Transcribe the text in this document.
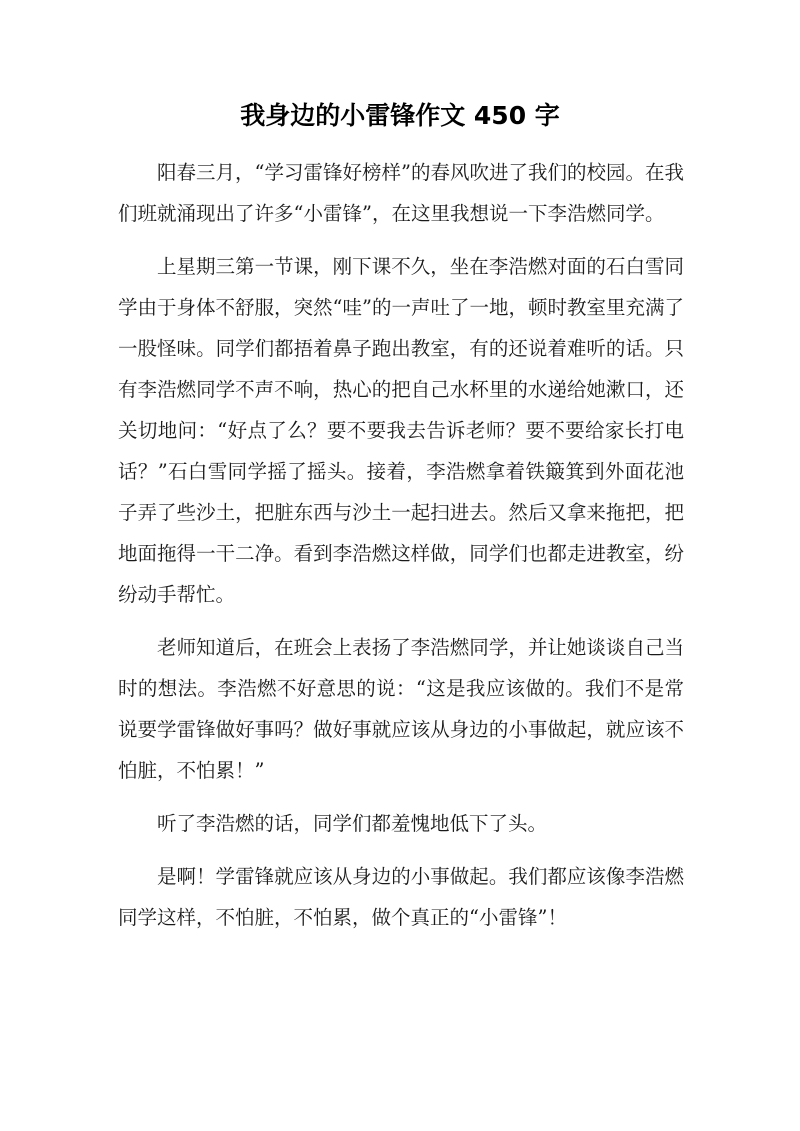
我身边的小雷锋作文 450 字

阳春三月，“学习雷锋好榜样”的春风吹进了我们的校园。在我们班就涌现出了许多“小雷锋”，在这里我想说一下李浩燃同学。

上星期三第一节课，刚下课不久，坐在李浩燃对面的石白雪同学由于身体不舒服，突然“哇”的一声吐了一地，顿时教室里充满了一股怪味。同学们都捂着鼻子跑出教室，有的还说着难听的话。只有李浩燃同学不声不响，热心的把自己水杯里的水递给她漱口，还关切地问：“好点了么？要不要我去告诉老师？要不要给家长打电话？”石白雪同学摇了摇头。接着，李浩燃拿着铁簸箕到外面花池子弄了些沙土，把脏东西与沙土一起扫进去。然后又拿来拖把，把地面拖得一干二净。看到李浩燃这样做，同学们也都走进教室，纷纷动手帮忙。

老师知道后，在班会上表扬了李浩燃同学，并让她谈谈自己当时的想法。李浩燃不好意思的说：“这是我应该做的。我们不是常说要学雷锋做好事吗？做好事就应该从身边的小事做起，就应该不怕脏，不怕累！”

听了李浩燃的话，同学们都羞愧地低下了头。

是啊！学雷锋就应该从身边的小事做起。我们都应该像李浩燃同学这样，不怕脏，不怕累，做个真正的“小雷锋”！
